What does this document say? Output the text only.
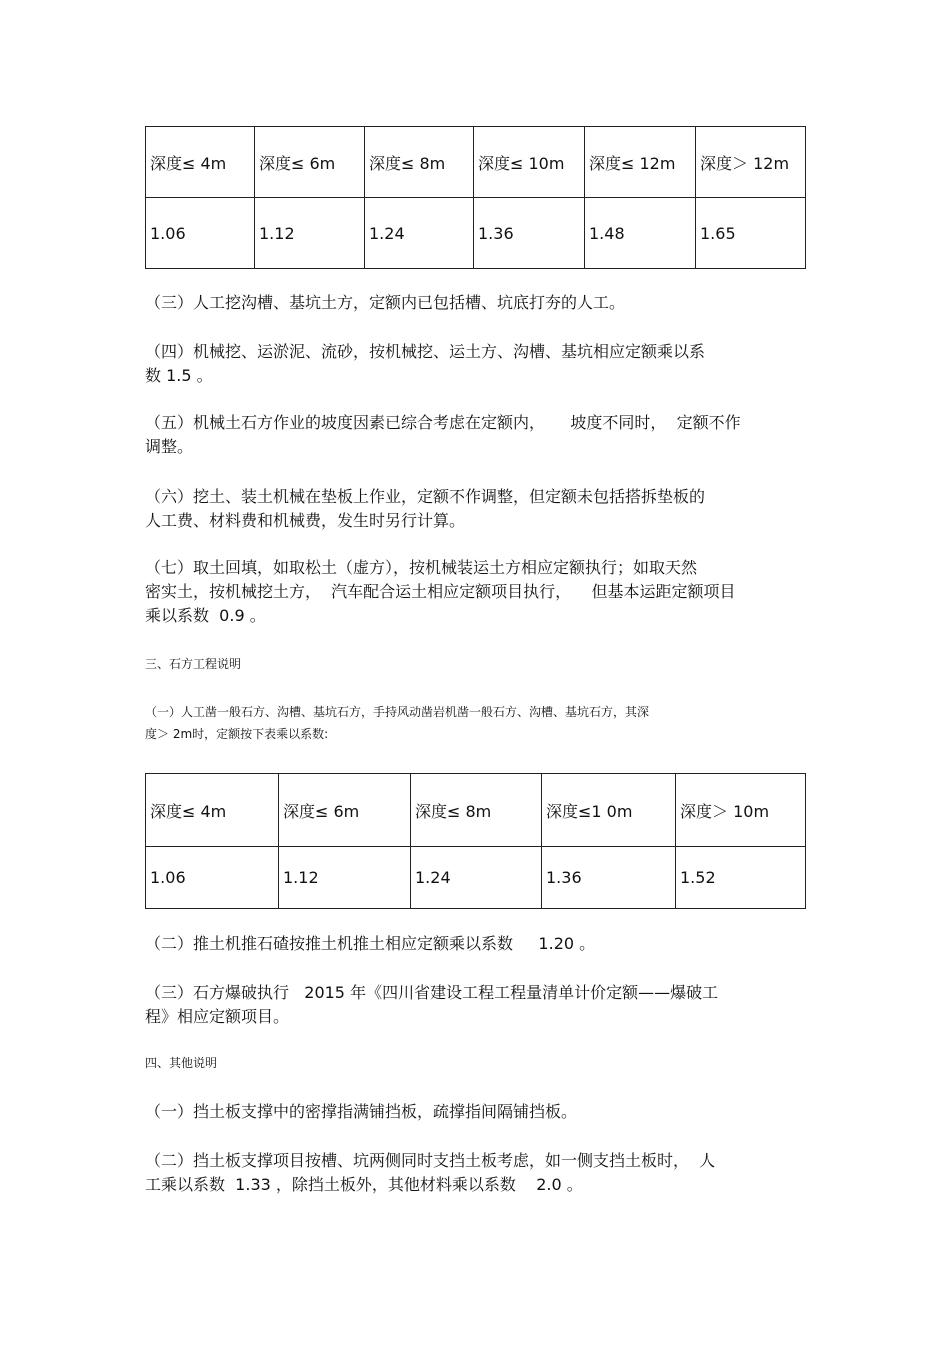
深度≤ 4m	深度≤ 6m	深度≤ 8m	深度≤ 10m	深度≤ 12m	深度＞ 12m
1.06	1.12	1.24	1.36	1.48	1.65

（三）人工挖沟槽、基坑土方，定额内已包括槽、坑底打夯的人工。

（四）机械挖、运淤泥、流砂，按机械挖、运土方、沟槽、基坑相应定额乘以系
数 1.5 。

（五）机械土石方作业的坡度因素已综合考虑在定额内，     坡度不同时，  定额不作
调整。

（六）挖土、装土机械在垫板上作业，定额不作调整，但定额未包括搭拆垫板的
人工费、材料费和机械费，发生时另行计算。

（七）取土回填，如取松土（虚方），按机械装运土方相应定额执行；如取天然
密实土，按机械挖土方，  汽车配合运土相应定额项目执行，    但基本运距定额项目
乘以系数  0.9 。

三、石方工程说明

（一）人工凿一般石方、沟槽、基坑石方，手持风动凿岩机凿一般石方、沟槽、基坑石方，其深
度＞ 2m时，定额按下表乘以系数:

深度≤ 4m	深度≤ 6m	深度≤ 8m	深度≤1 0m	深度＞ 10m
1.06	1.12	1.24	1.36	1.52

（二）推土机推石碴按推土机推土相应定额乘以系数     1.20 。

（三）石方爆破执行   2015 年《四川省建设工程工程量清单计价定额——爆破工
程》相应定额项目。

四、其他说明

（一）挡土板支撑中的密撑指满铺挡板，疏撑指间隔铺挡板。

（二）挡土板支撑项目按槽、坑两侧同时支挡土板考虑，如一侧支挡土板时，  人
工乘以系数  1.33 ，除挡土板外，其他材料乘以系数    2.0 。
